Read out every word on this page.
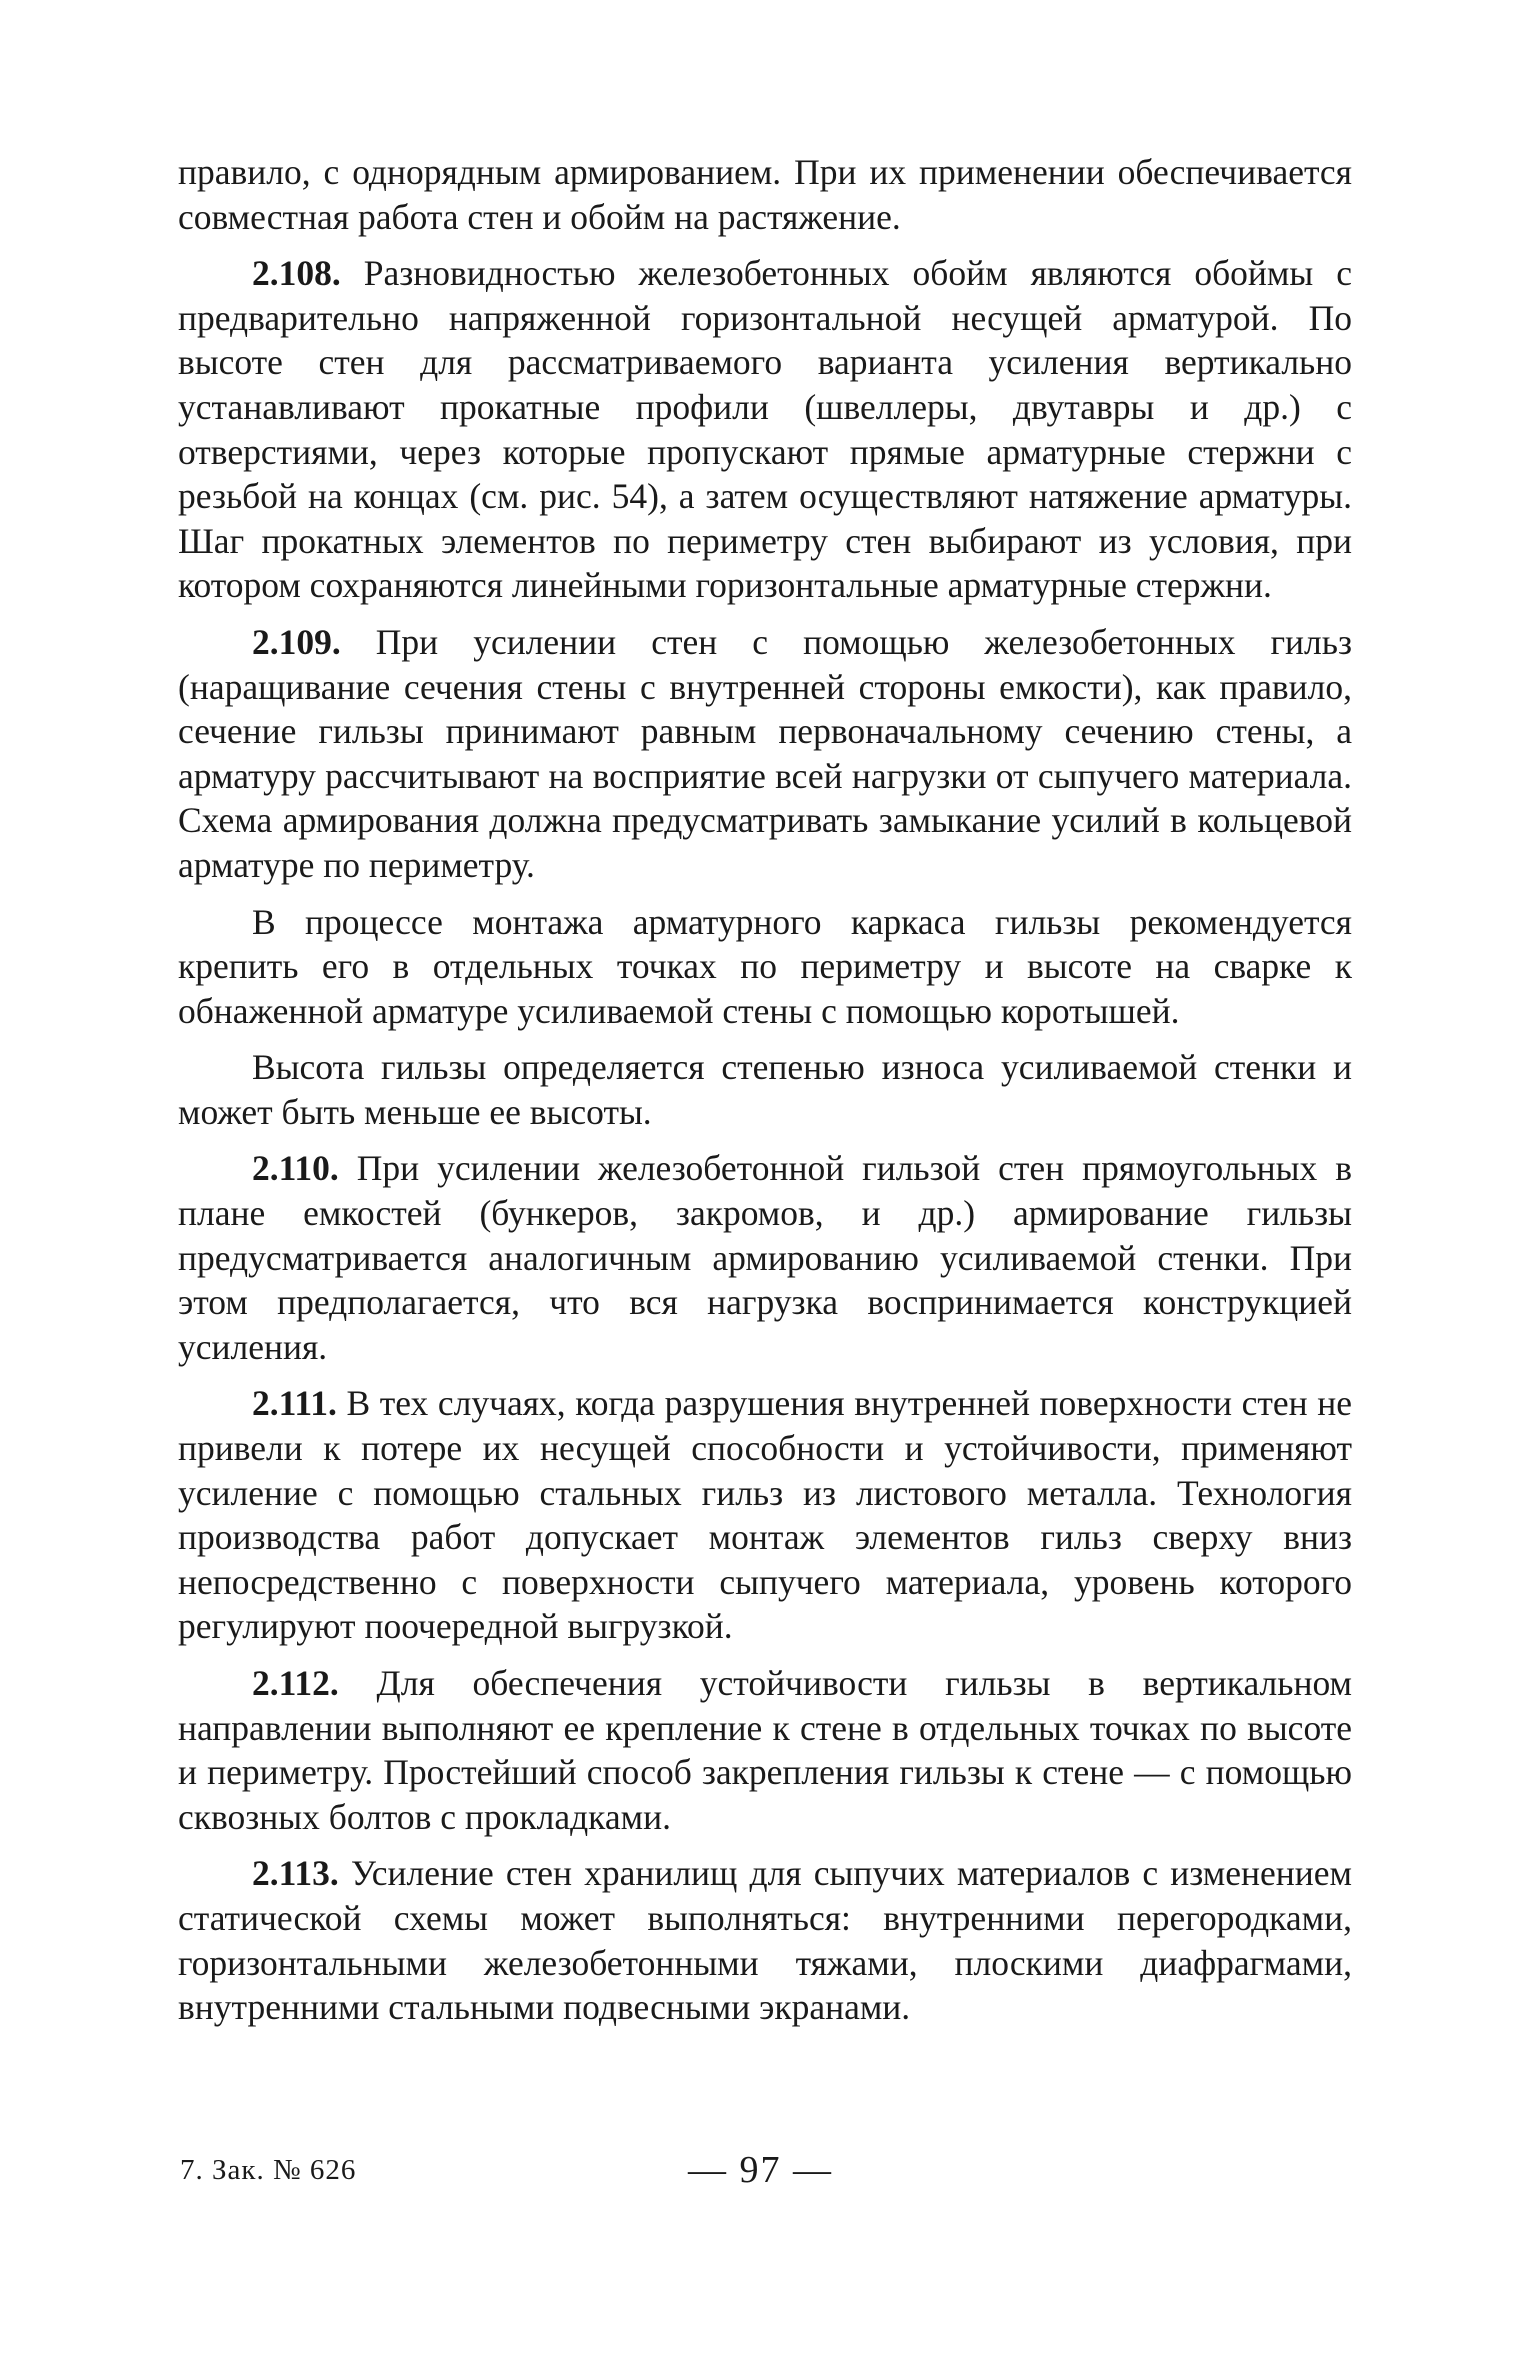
правило, с однорядным армированием. При их применении обеспечивается совместная работа стен и обойм на растяжение.

2.108. Разновидностью железобетонных обойм являются обоймы с предварительно напряженной горизонтальной несущей арматурой. По высоте стен для рассматриваемого варианта усиления вертикально устанавливают прокатные профили (швеллеры, двутавры и др.) с отверстиями, через которые пропускают прямые арматурные стержни с резьбой на концах (см. рис. 54), а затем осуществляют натяжение арматуры. Шаг прокатных элементов по периметру стен выбирают из условия, при котором сохраняются линейными горизонтальные арматурные стержни.

2.109. При усилении стен с помощью железобетонных гильз (наращивание сечения стены с внутренней стороны емкости), как правило, сечение гильзы принимают равным первоначальному сечению стены, а арматуру рассчитывают на восприятие всей нагрузки от сыпучего материала. Схема армирования должна предусматривать замыкание усилий в кольцевой арматуре по периметру.

В процессе монтажа арматурного каркаса гильзы рекомендуется крепить его в отдельных точках по периметру и высоте на сварке к обнаженной арматуре усиливаемой стены с помощью коротышей.

Высота гильзы определяется степенью износа усиливаемой стенки и может быть меньше ее высоты.

2.110. При усилении железобетонной гильзой стен прямоугольных в плане емкостей (бункеров, закромов, и др.) армирование гильзы предусматривается аналогичным армированию усиливаемой стенки. При этом предполагается, что вся нагрузка воспринимается конструкцией усиления.

2.111. В тех случаях, когда разрушения внутренней поверхности стен не привели к потере их несущей способности и устойчивости, применяют усиление с помощью стальных гильз из листового металла. Технология производства работ допускает монтаж элементов гильз сверху вниз непосредственно с поверхности сыпучего материала, уровень которого регулируют поочередной выгрузкой.

2.112. Для обеспечения устойчивости гильзы в вертикальном направлении выполняют ее крепление к стене в отдельных точках по высоте и периметру. Простейший способ закрепления гильзы к стене — с помощью сквозных болтов с прокладками.

2.113. Усиление стен хранилищ для сыпучих материалов с изменением статической схемы может выполняться: внутренними перегородками, горизонтальными железобетонными тяжами, плоскими диафрагмами, внутренними стальными подвесными экранами.

7. Зак. № 626	— 97 —
